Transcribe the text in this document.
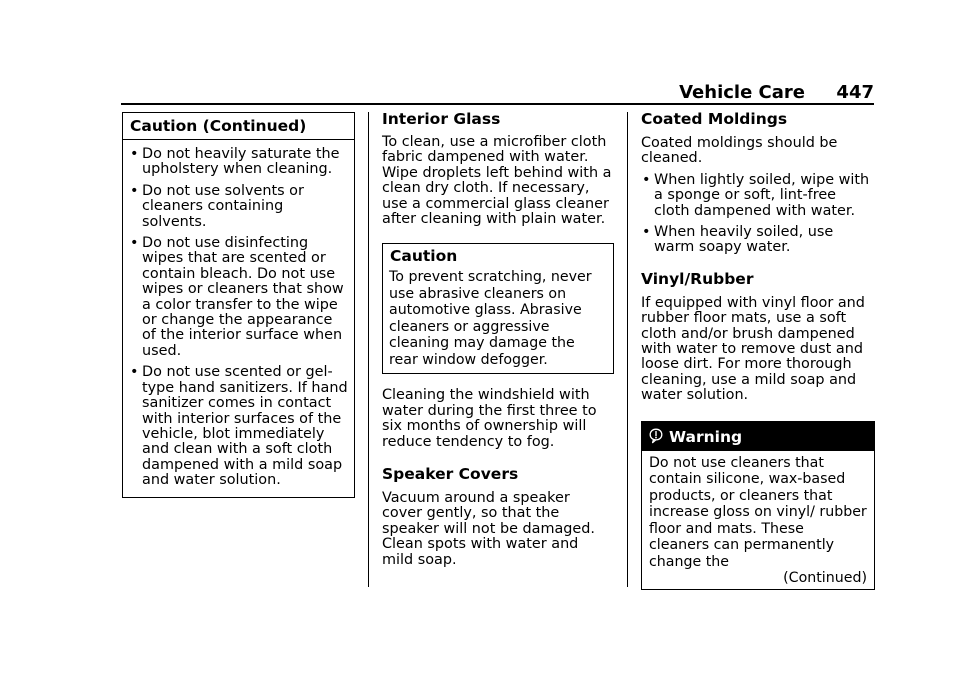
Vehicle Care 447
Caution (Continued)
• Do not heavily saturate the upholstery when cleaning.
• Do not use solvents or cleaners containing solvents.
• Do not use disinfecting wipes that are scented or contain bleach. Do not use wipes or cleaners that show a color transfer to the wipe or change the appearance of the interior surface when used.
• Do not use scented or gel-type hand sanitizers. If hand sanitizer comes in contact with interior surfaces of the vehicle, blot immediately and clean with a soft cloth dampened with a mild soap and water solution.
Interior Glass

To clean, use a microfiber cloth fabric dampened with water. Wipe droplets left behind with a clean dry cloth. If necessary, use a commercial glass cleaner after cleaning with plain water.

Caution
To prevent scratching, never use abrasive cleaners on automotive glass. Abrasive cleaners or aggressive cleaning may damage the rear window defogger.

Cleaning the windshield with water during the first three to six months of ownership will reduce tendency to fog.

Speaker Covers

Vacuum around a speaker cover gently, so that the speaker will not be damaged. Clean spots with water and mild soap.

Coated Moldings

Coated moldings should be cleaned.

• When lightly soiled, wipe with a sponge or soft, lint-free cloth dampened with water.
• When heavily soiled, use warm soapy water.
Vinyl/Rubber

If equipped with vinyl floor and rubber floor mats, use a soft cloth and/or brush dampened with water to remove dust and loose dirt. For more thorough cleaning, use a mild soap and water solution.

Warning
Do not use cleaners that contain silicone, wax-based products, or cleaners that increase gloss on vinyl/ rubber floor and mats. These cleaners can permanently change the
(Continued)
